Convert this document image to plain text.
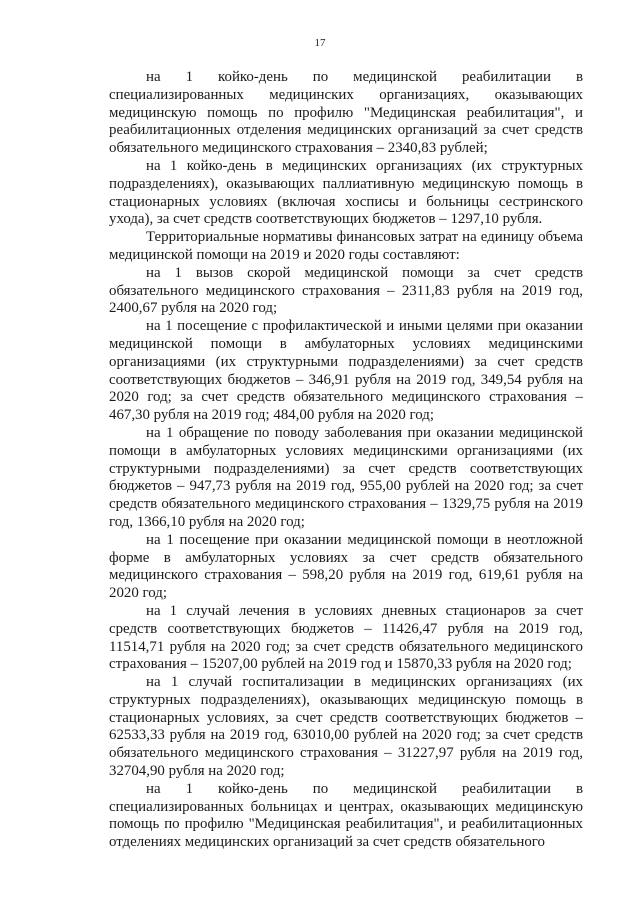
17

на 1 койко-день по медицинской реабилитации в специализированных медицинских организациях, оказывающих медицинскую помощь по профилю "Медицинская реабилитация", и реабилитационных отделения медицинских организаций за счет средств обязательного медицинского страхования – 2340,83 рублей;

на 1 койко-день в медицинских организациях (их структурных подразделениях), оказывающих паллиативную медицинскую помощь в стационарных условиях (включая хосписы и больницы сестринского ухода), за счет средств соответствующих бюджетов – 1297,10 рубля.

Территориальные нормативы финансовых затрат на единицу объема медицинской помощи на 2019 и 2020 годы составляют:

на 1 вызов скорой медицинской помощи за счет средств обязательного медицинского страхования – 2311,83 рубля на 2019 год, 2400,67 рубля на 2020 год;

на 1 посещение с профилактической и иными целями при оказании медицинской помощи в амбулаторных условиях медицинскими организациями (их структурными подразделениями) за счет средств соответствующих бюджетов – 346,91 рубля на 2019 год, 349,54 рубля на 2020 год; за счет средств обязательного медицинского страхования – 467,30 рубля на 2019 год; 484,00 рубля на 2020 год;

на 1 обращение по поводу заболевания при оказании медицинской помощи в амбулаторных условиях медицинскими организациями (их структурными подразделениями) за счет средств соответствующих бюджетов – 947,73 рубля на 2019 год, 955,00 рублей на 2020 год; за счет средств обязательного медицинского страхования – 1329,75 рубля на 2019 год, 1366,10 рубля на 2020 год;

на 1 посещение при оказании медицинской помощи в неотложной форме в амбулаторных условиях за счет средств обязательного медицинского страхования – 598,20 рубля на 2019 год, 619,61 рубля на 2020 год;

на 1 случай лечения в условиях дневных стационаров за счет средств соответствующих бюджетов – 11426,47 рубля на 2019 год, 11514,71 рубля на 2020 год; за счет средств обязательного медицинского страхования – 15207,00 рублей на 2019 год и 15870,33 рубля на 2020 год;

на 1 случай госпитализации в медицинских организациях (их структурных подразделениях), оказывающих медицинскую помощь в стационарных условиях, за счет средств соответствующих бюджетов – 62533,33 рубля на 2019 год, 63010,00 рублей на 2020 год; за счет средств обязательного медицинского страхования – 31227,97 рубля на 2019 год, 32704,90 рубля на 2020 год;

на 1 койко-день по медицинской реабилитации в специализированных больницах и центрах, оказывающих медицинскую помощь по профилю "Медицинская реабилитация", и реабилитационных отделениях медицинских организаций за счет средств обязательного
